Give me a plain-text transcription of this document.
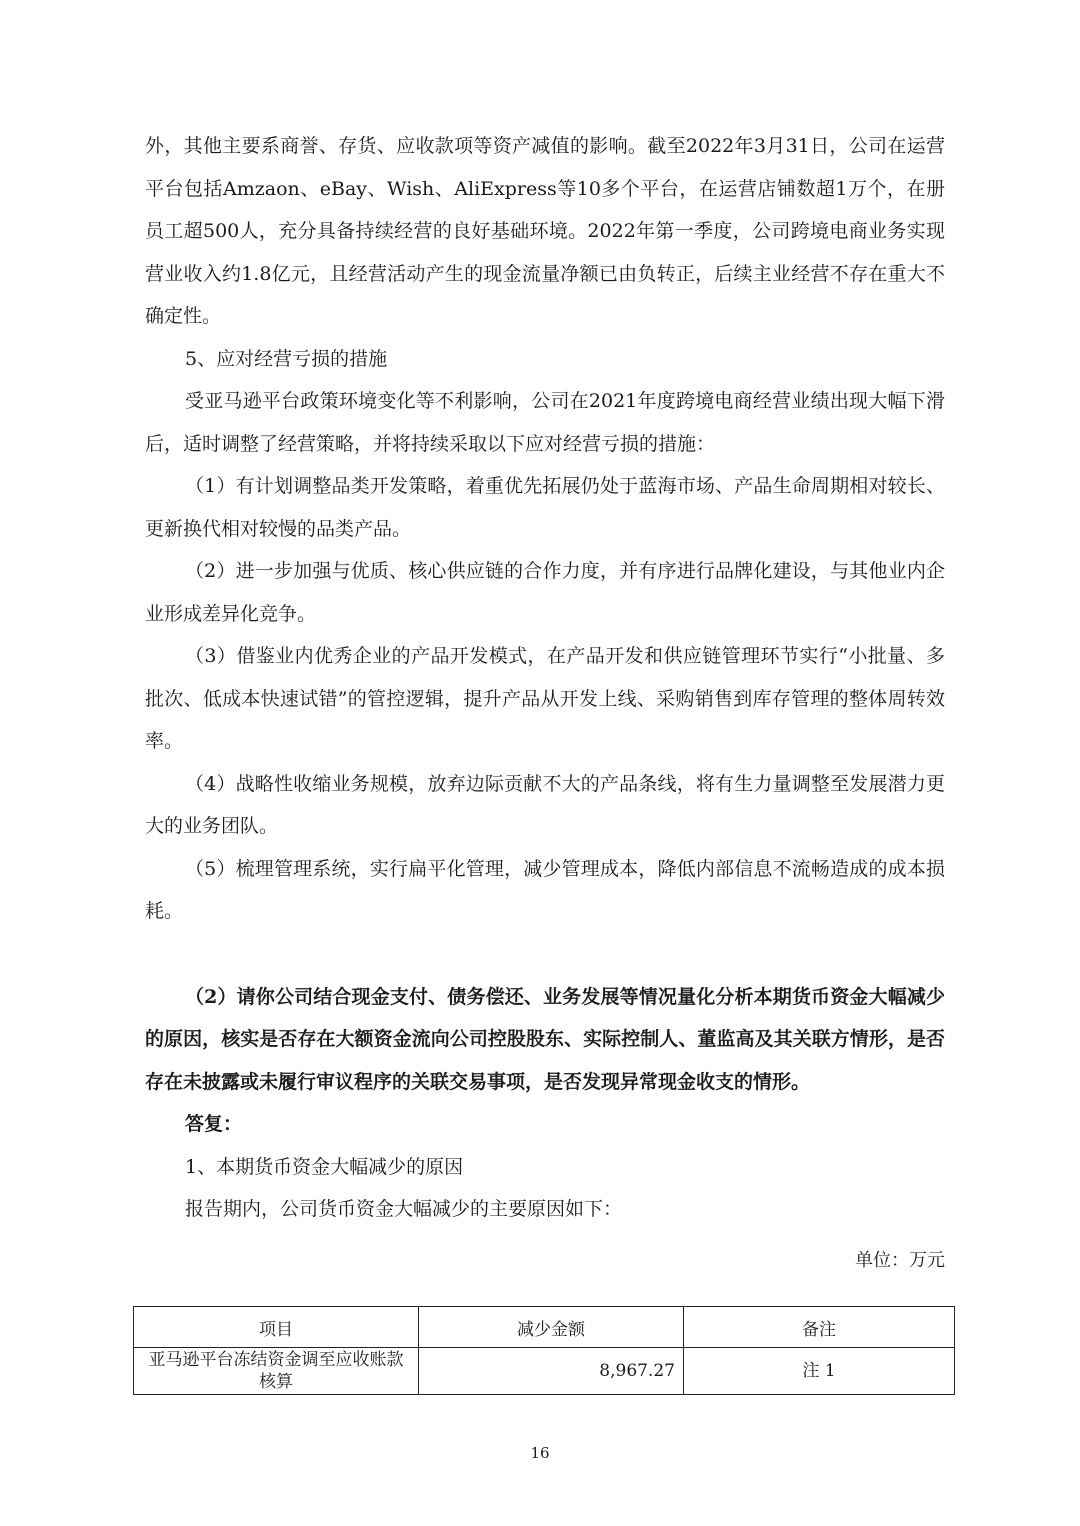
外，其他主要系商誉、存货、应收款项等资产减值的影响。截至2022年3月31日，公司在运营平台包括Amzaon、eBay、Wish、AliExpress等10多个平台，在运营店铺数超1万个，在册员工超500人，充分具备持续经营的良好基础环境。2022年第一季度，公司跨境电商业务实现营业收入约1.8亿元，且经营活动产生的现金流量净额已由负转正，后续主业经营不存在重大不确定性。

5、应对经营亏损的措施

受亚马逊平台政策环境变化等不利影响，公司在2021年度跨境电商经营业绩出现大幅下滑后，适时调整了经营策略，并将持续采取以下应对经营亏损的措施：

（1）有计划调整品类开发策略，着重优先拓展仍处于蓝海市场、产品生命周期相对较长、更新换代相对较慢的品类产品。

（2）进一步加强与优质、核心供应链的合作力度，并有序进行品牌化建设，与其他业内企业形成差异化竞争。

（3）借鉴业内优秀企业的产品开发模式，在产品开发和供应链管理环节实行“小批量、多批次、低成本快速试错”的管控逻辑，提升产品从开发上线、采购销售到库存管理的整体周转效率。

（4）战略性收缩业务规模，放弃边际贡献不大的产品条线，将有生力量调整至发展潜力更大的业务团队。

（5）梳理管理系统，实行扁平化管理，减少管理成本，降低内部信息不流畅造成的成本损耗。

（2）请你公司结合现金支付、债务偿还、业务发展等情况量化分析本期货币资金大幅减少的原因，核实是否存在大额资金流向公司控股股东、实际控制人、董监高及其关联方情形，是否存在未披露或未履行审议程序的关联交易事项，是否发现异常现金收支的情形。

答复：

1、本期货币资金大幅减少的原因

报告期内，公司货币资金大幅减少的主要原因如下：

单位：万元

项目	减少金额	备注
亚马逊平台冻结资金调至应收账款核算	8,967.27	注 1
16
